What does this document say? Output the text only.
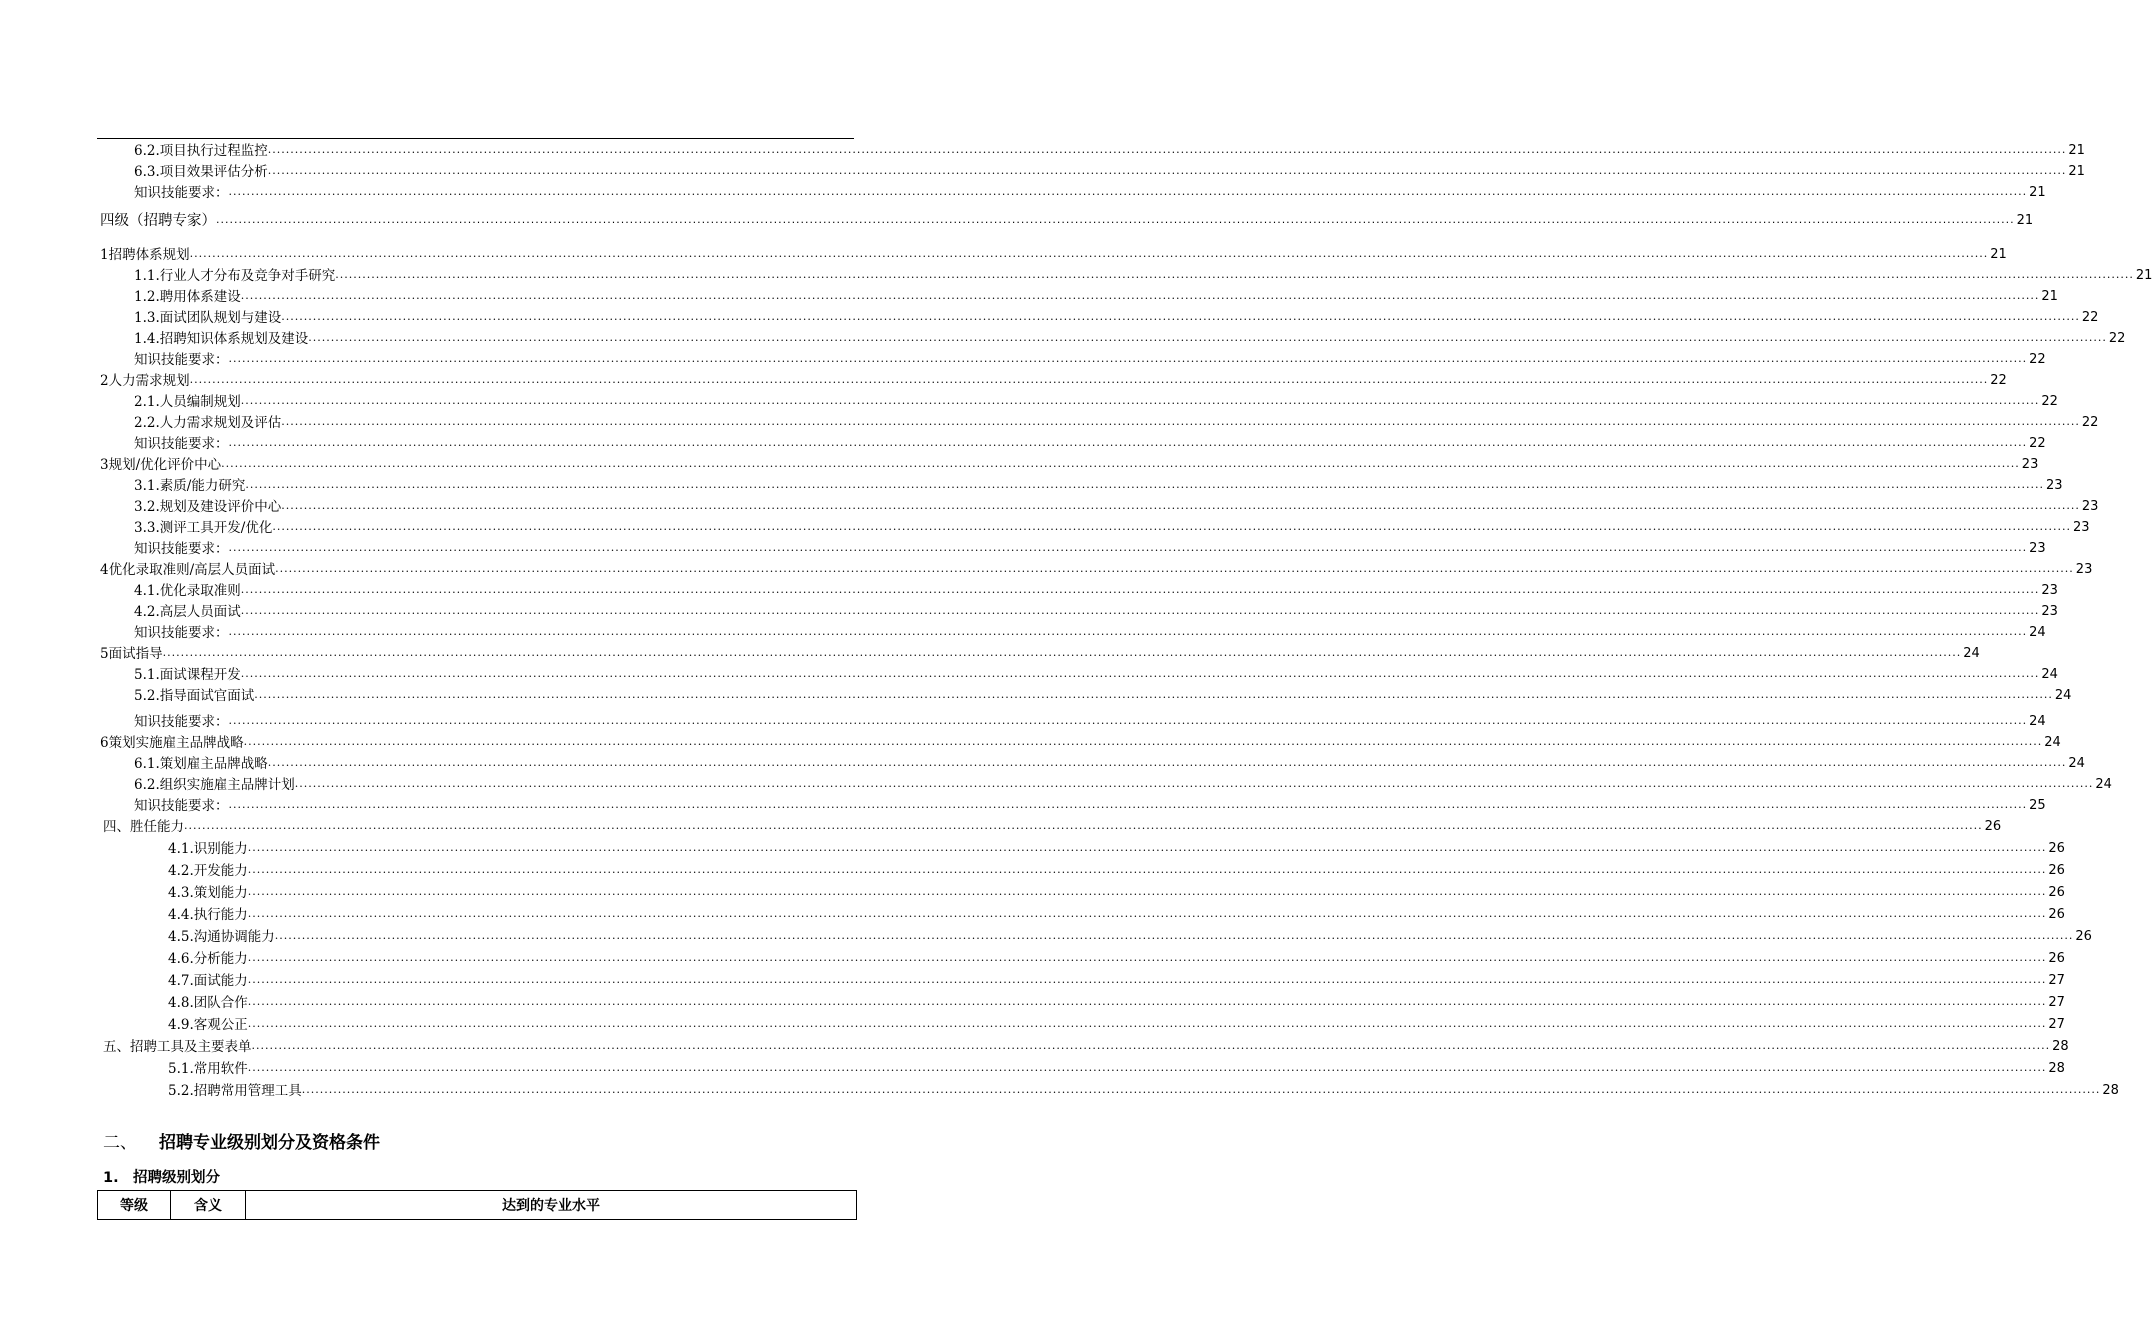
6.2. 项目执行过程监控 ................................................................................................................................................................................................................................................................................................................................................................................................................ 21
6.3. 项目效果评估分析 ................................................................................................................................................................................................................................................................................................................................................................................................................ 21
知识技能要求： ................................................................................................................................................................................................................................................................................................................................................................................................................ 21
四级（招聘专家） ................................................................................................................................................................................................................................................................................................................................................................................................................ 21
1 招聘体系规划 ................................................................................................................................................................................................................................................................................................................................................................................................................ 21
1.1. 行业人才分布及竞争对手研究 ................................................................................................................................................................................................................................................................................................................................................................................................................ 21
1.2. 聘用体系建设 ................................................................................................................................................................................................................................................................................................................................................................................................................ 21
1.3. 面试团队规划与建设 ................................................................................................................................................................................................................................................................................................................................................................................................................ 22
1.4. 招聘知识体系规划及建设 ................................................................................................................................................................................................................................................................................................................................................................................................................ 22
知识技能要求： ................................................................................................................................................................................................................................................................................................................................................................................................................ 22
2 人力需求规划 ................................................................................................................................................................................................................................................................................................................................................................................................................ 22
2.1. 人员编制规划 ................................................................................................................................................................................................................................................................................................................................................................................................................ 22
2.2. 人力需求规划及评估 ................................................................................................................................................................................................................................................................................................................................................................................................................ 22
知识技能要求： ................................................................................................................................................................................................................................................................................................................................................................................................................ 22
3 规划/优化评价中心 ................................................................................................................................................................................................................................................................................................................................................................................................................ 23
3.1. 素质/能力研究 ................................................................................................................................................................................................................................................................................................................................................................................................................ 23
3.2. 规划及建设评价中心 ................................................................................................................................................................................................................................................................................................................................................................................................................ 23
3.3. 测评工具开发/优化 ................................................................................................................................................................................................................................................................................................................................................................................................................ 23
知识技能要求： ................................................................................................................................................................................................................................................................................................................................................................................................................ 23
4 优化录取准则/高层人员面试 ................................................................................................................................................................................................................................................................................................................................................................................................................ 23
4.1. 优化录取准则 ................................................................................................................................................................................................................................................................................................................................................................................................................ 23
4.2. 高层人员面试 ................................................................................................................................................................................................................................................................................................................................................................................................................ 23
知识技能要求： ................................................................................................................................................................................................................................................................................................................................................................................................................ 24
5 面试指导 ................................................................................................................................................................................................................................................................................................................................................................................................................ 24
5.1. 面试课程开发 ................................................................................................................................................................................................................................................................................................................................................................................................................ 24
5.2. 指导面试官面试 ................................................................................................................................................................................................................................................................................................................................................................................................................ 24
知识技能要求： ................................................................................................................................................................................................................................................................................................................................................................................................................ 24
6 策划实施雇主品牌战略 ................................................................................................................................................................................................................................................................................................................................................................................................................ 24
6.1. 策划雇主品牌战略 ................................................................................................................................................................................................................................................................................................................................................................................................................ 24
6.2. 组织实施雇主品牌计划 ................................................................................................................................................................................................................................................................................................................................................................................................................ 24
知识技能要求： ................................................................................................................................................................................................................................................................................................................................................................................................................ 25
四、 胜任能力 ................................................................................................................................................................................................................................................................................................................................................................................................................ 26
4.1. 识别能力 ................................................................................................................................................................................................................................................................................................................................................................................................................ 26
4.2. 开发能力 ................................................................................................................................................................................................................................................................................................................................................................................................................ 26
4.3. 策划能力 ................................................................................................................................................................................................................................................................................................................................................................................................................ 26
4.4. 执行能力 ................................................................................................................................................................................................................................................................................................................................................................................................................ 26
4.5. 沟通协调能力 ................................................................................................................................................................................................................................................................................................................................................................................................................ 26
4.6. 分析能力 ................................................................................................................................................................................................................................................................................................................................................................................................................ 26
4.7. 面试能力 ................................................................................................................................................................................................................................................................................................................................................................................................................ 27
4.8. 团队合作 ................................................................................................................................................................................................................................................................................................................................................................................................................ 27
4.9. 客观公正 ................................................................................................................................................................................................................................................................................................................................................................................................................ 27
五、 招聘工具及主要表单 ................................................................................................................................................................................................................................................................................................................................................................................................................ 28
5.1. 常用软件 ................................................................................................................................................................................................................................................................................................................................................................................................................ 28
5.2. 招聘常用管理工具 ................................................................................................................................................................................................................................................................................................................................................................................................................ 28
二、 招聘专业级别划分及资格条件
1. 招聘级别划分
等级	含义	达到的专业水平
